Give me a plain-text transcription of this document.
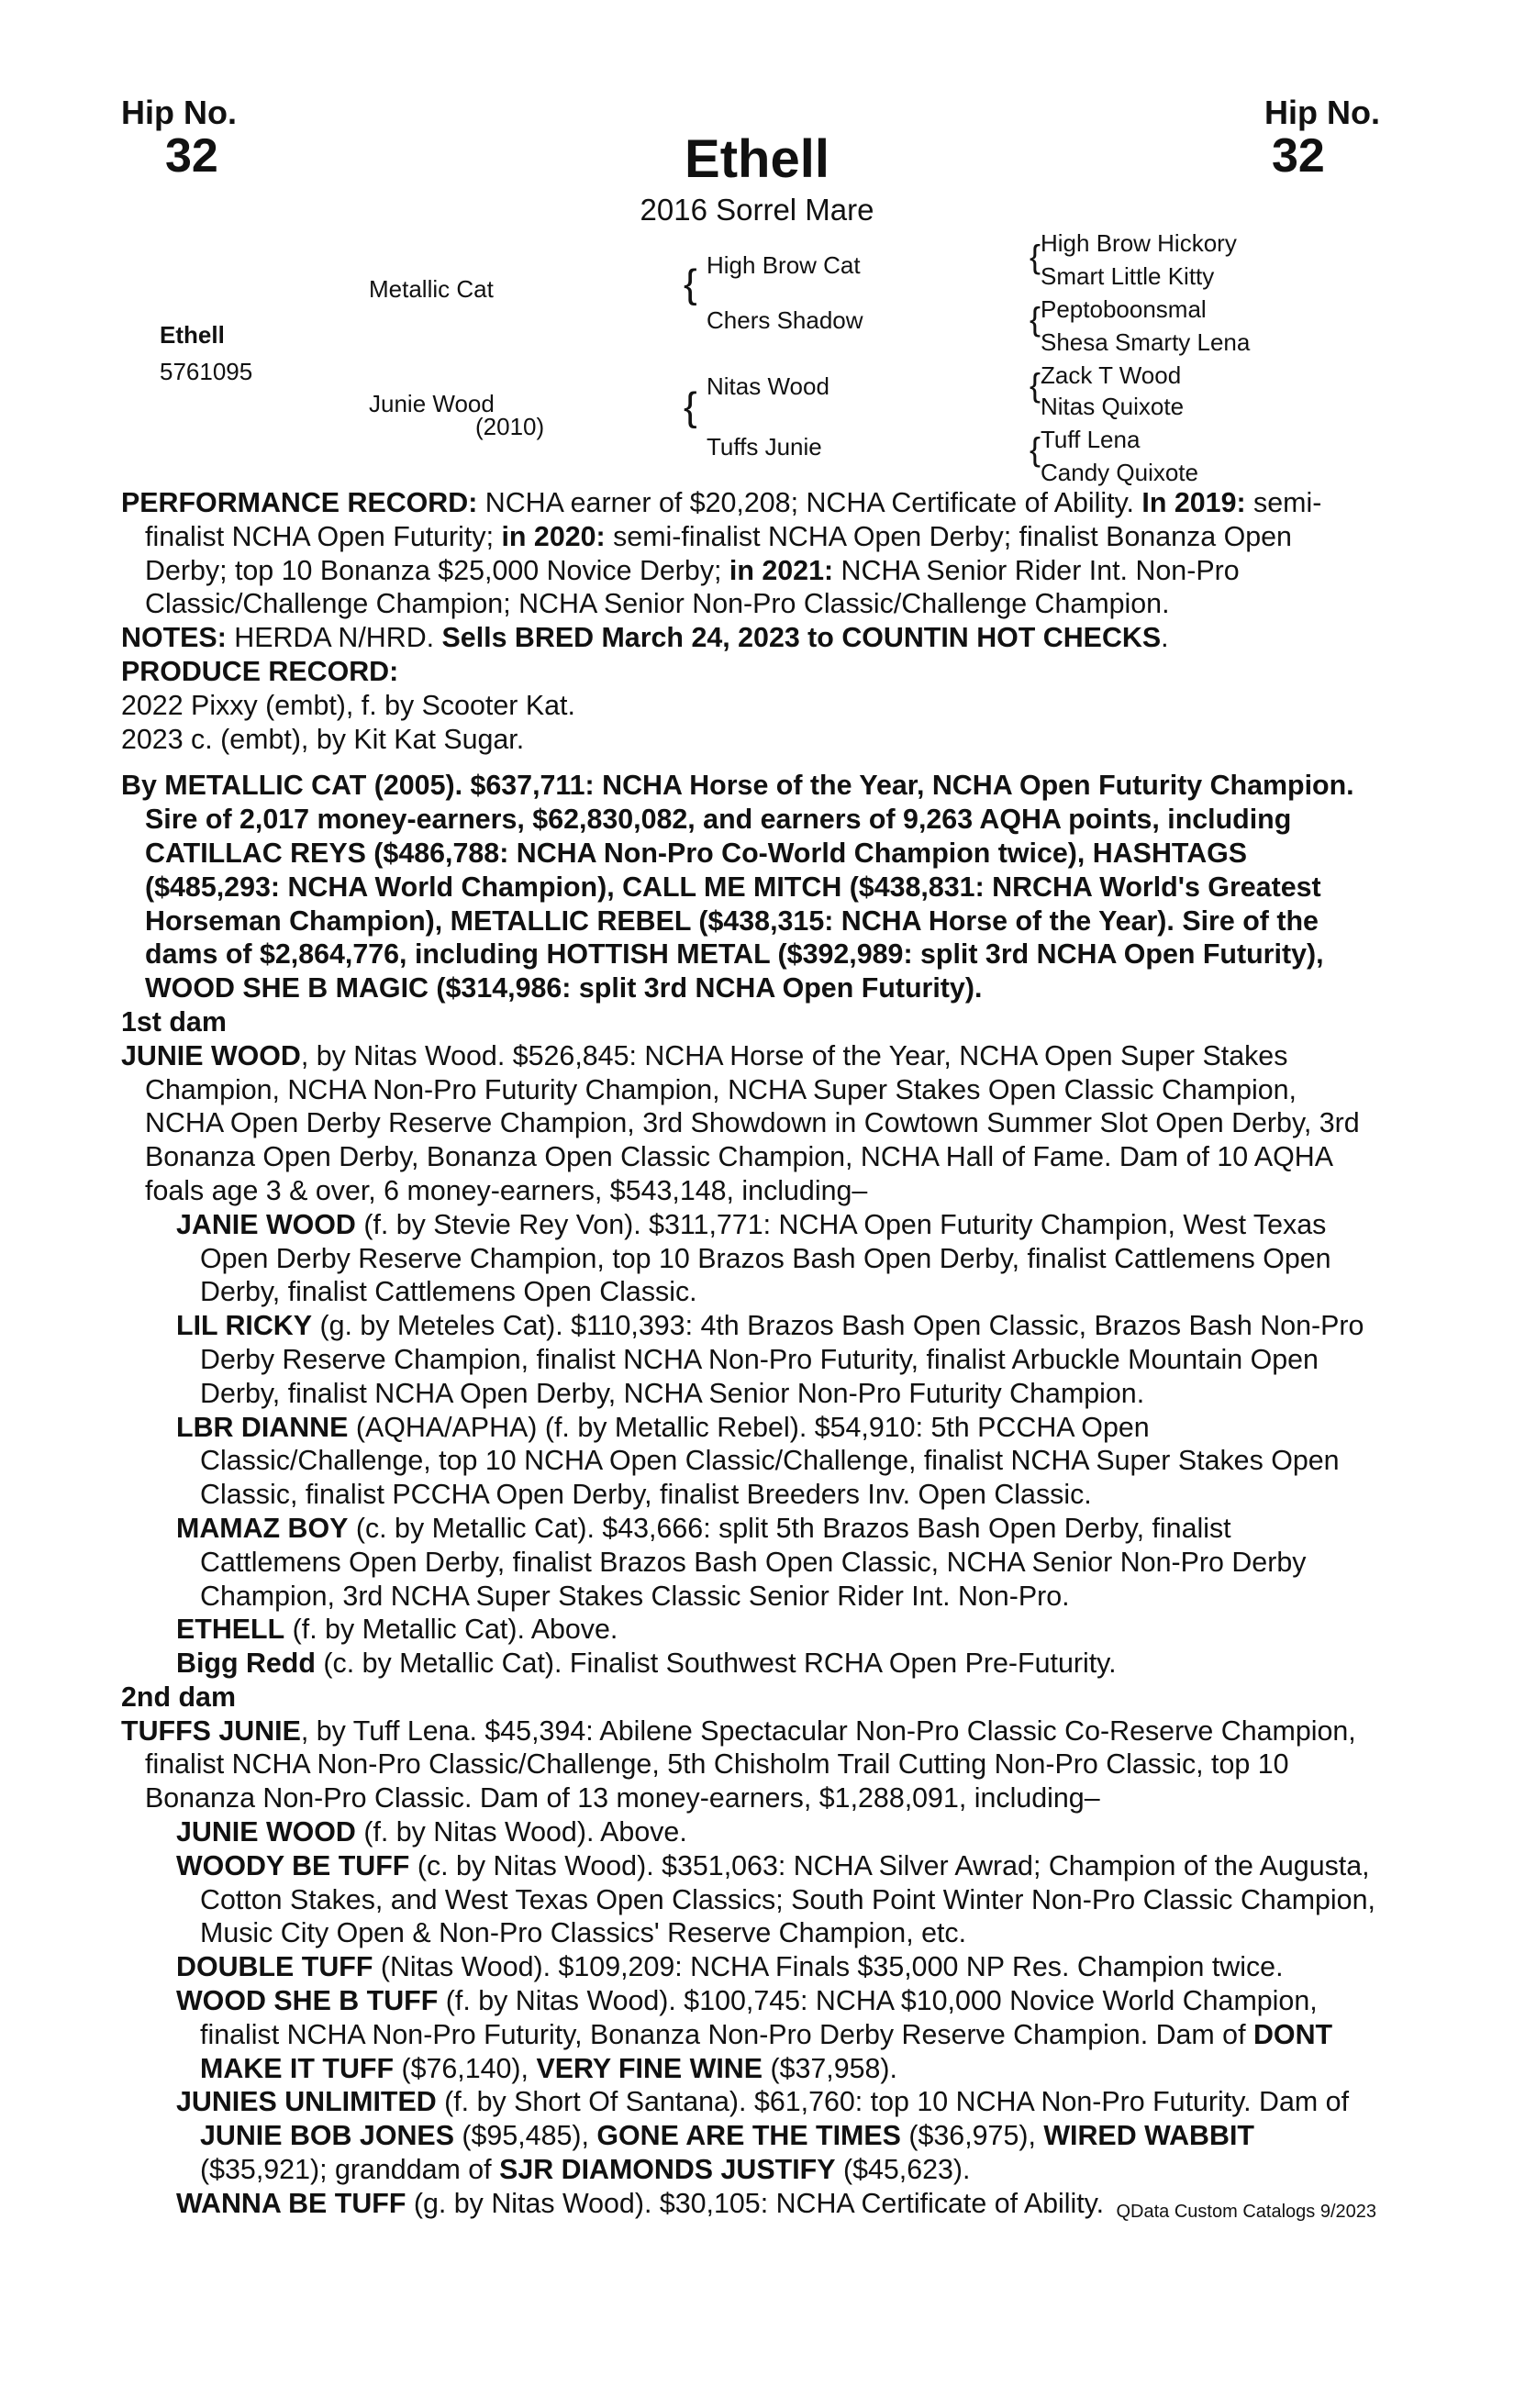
Hip No.
32
Hip No.
32
Ethell
2016 Sorrel Mare
Ethell
5761095
Metallic Cat
Junie Wood
(2010)
{ High Brow Cat
Chers Shadow
{ Nitas Wood
Tuffs Junie
{
{
{
{
High Brow Hickory
Smart Little Kitty
Peptoboonsmal
Shesa Smarty Lena
Zack T Wood
Nitas Quixote
Tuff Lena
Candy Quixote

PERFORMANCE RECORD: NCHA earner of $20,208; NCHA Certificate of Ability. In 2019: semi-finalist NCHA Open Futurity; in 2020: semi-finalist NCHA Open Derby; finalist Bonanza Open Derby; top 10 Bonanza $25,000 Novice Derby; in 2021: NCHA Senior Rider Int. Non-Pro Classic/Challenge Champion; NCHA Senior Non-Pro Classic/Challenge Champion.

NOTES: HERDA N/HRD. Sells BRED March 24, 2023 to COUNTIN HOT CHECKS.

PRODUCE RECORD:

2022 Pixxy (embt), f. by Scooter Kat.

2023 c. (embt), by Kit Kat Sugar.

By METALLIC CAT (2005). $637,711: NCHA Horse of the Year, NCHA Open Futurity Champion. Sire of 2,017 money-earners, $62,830,082, and earners of 9,263 AQHA points, including CATILLAC REYS ($486,788: NCHA Non-Pro Co-World Champion twice), HASHTAGS ($485,293: NCHA World Champion), CALL ME MITCH ($438,831: NRCHA World's Greatest Horseman Champion), METALLIC REBEL ($438,315: NCHA Horse of the Year). Sire of the dams of $2,864,776, including HOTTISH METAL ($392,989: split 3rd NCHA Open Futurity), WOOD SHE B MAGIC ($314,986: split 3rd NCHA Open Futurity).

1st dam

JUNIE WOOD, by Nitas Wood. $526,845: NCHA Horse of the Year, NCHA Open Super Stakes Champion, NCHA Non-Pro Futurity Champion, NCHA Super Stakes Open Classic Champion, NCHA Open Derby Reserve Champion, 3rd Showdown in Cowtown Summer Slot Open Derby, 3rd Bonanza Open Derby, Bonanza Open Classic Champion, NCHA Hall of Fame. Dam of 10 AQHA foals age 3 & over, 6 money-earners, $543,148, including–

JANIE WOOD (f. by Stevie Rey Von). $311,771: NCHA Open Futurity Champion, West Texas Open Derby Reserve Champion, top 10 Brazos Bash Open Derby, finalist Cattlemens Open Derby, finalist Cattlemens Open Classic.

LIL RICKY (g. by Meteles Cat). $110,393: 4th Brazos Bash Open Classic, Brazos Bash Non-Pro Derby Reserve Champion, finalist NCHA Non-Pro Futurity, finalist Arbuckle Mountain Open Derby, finalist NCHA Open Derby, NCHA Senior Non-Pro Futurity Champion.

LBR DIANNE (AQHA/APHA) (f. by Metallic Rebel). $54,910: 5th PCCHA Open Classic/Challenge, top 10 NCHA Open Classic/Challenge, finalist NCHA Super Stakes Open Classic, finalist PCCHA Open Derby, finalist Breeders Inv. Open Classic.

MAMAZ BOY (c. by Metallic Cat). $43,666: split 5th Brazos Bash Open Derby, finalist Cattlemens Open Derby, finalist Brazos Bash Open Classic, NCHA Senior Non-Pro Derby Champion, 3rd NCHA Super Stakes Classic Senior Rider Int. Non-Pro.

ETHELL (f. by Metallic Cat). Above.

Bigg Redd (c. by Metallic Cat). Finalist Southwest RCHA Open Pre-Futurity.

2nd dam

TUFFS JUNIE, by Tuff Lena. $45,394: Abilene Spectacular Non-Pro Classic Co-Reserve Champion, finalist NCHA Non-Pro Classic/Challenge, 5th Chisholm Trail Cutting Non-Pro Classic, top 10 Bonanza Non-Pro Classic. Dam of 13 money-earners, $1,288,091, including–

JUNIE WOOD (f. by Nitas Wood). Above.

WOODY BE TUFF (c. by Nitas Wood). $351,063: NCHA Silver Awrad; Champion of the Augusta, Cotton Stakes, and West Texas Open Classics; South Point Winter Non-Pro Classic Champion, Music City Open & Non-Pro Classics' Reserve Champion, etc.

DOUBLE TUFF (Nitas Wood). $109,209: NCHA Finals $35,000 NP Res. Champion twice.

WOOD SHE B TUFF (f. by Nitas Wood). $100,745: NCHA $10,000 Novice World Champion, finalist NCHA Non-Pro Futurity, Bonanza Non-Pro Derby Reserve Champion. Dam of DONT MAKE IT TUFF ($76,140), VERY FINE WINE ($37,958).

JUNIES UNLIMITED (f. by Short Of Santana). $61,760: top 10 NCHA Non-Pro Futurity. Dam of JUNIE BOB JONES ($95,485), GONE ARE THE TIMES ($36,975), WIRED WABBIT ($35,921); granddam of SJR DIAMONDS JUSTIFY ($45,623).

WANNA BE TUFF (g. by Nitas Wood). $30,105: NCHA Certificate of Ability. QData Custom Catalogs 9/2023
